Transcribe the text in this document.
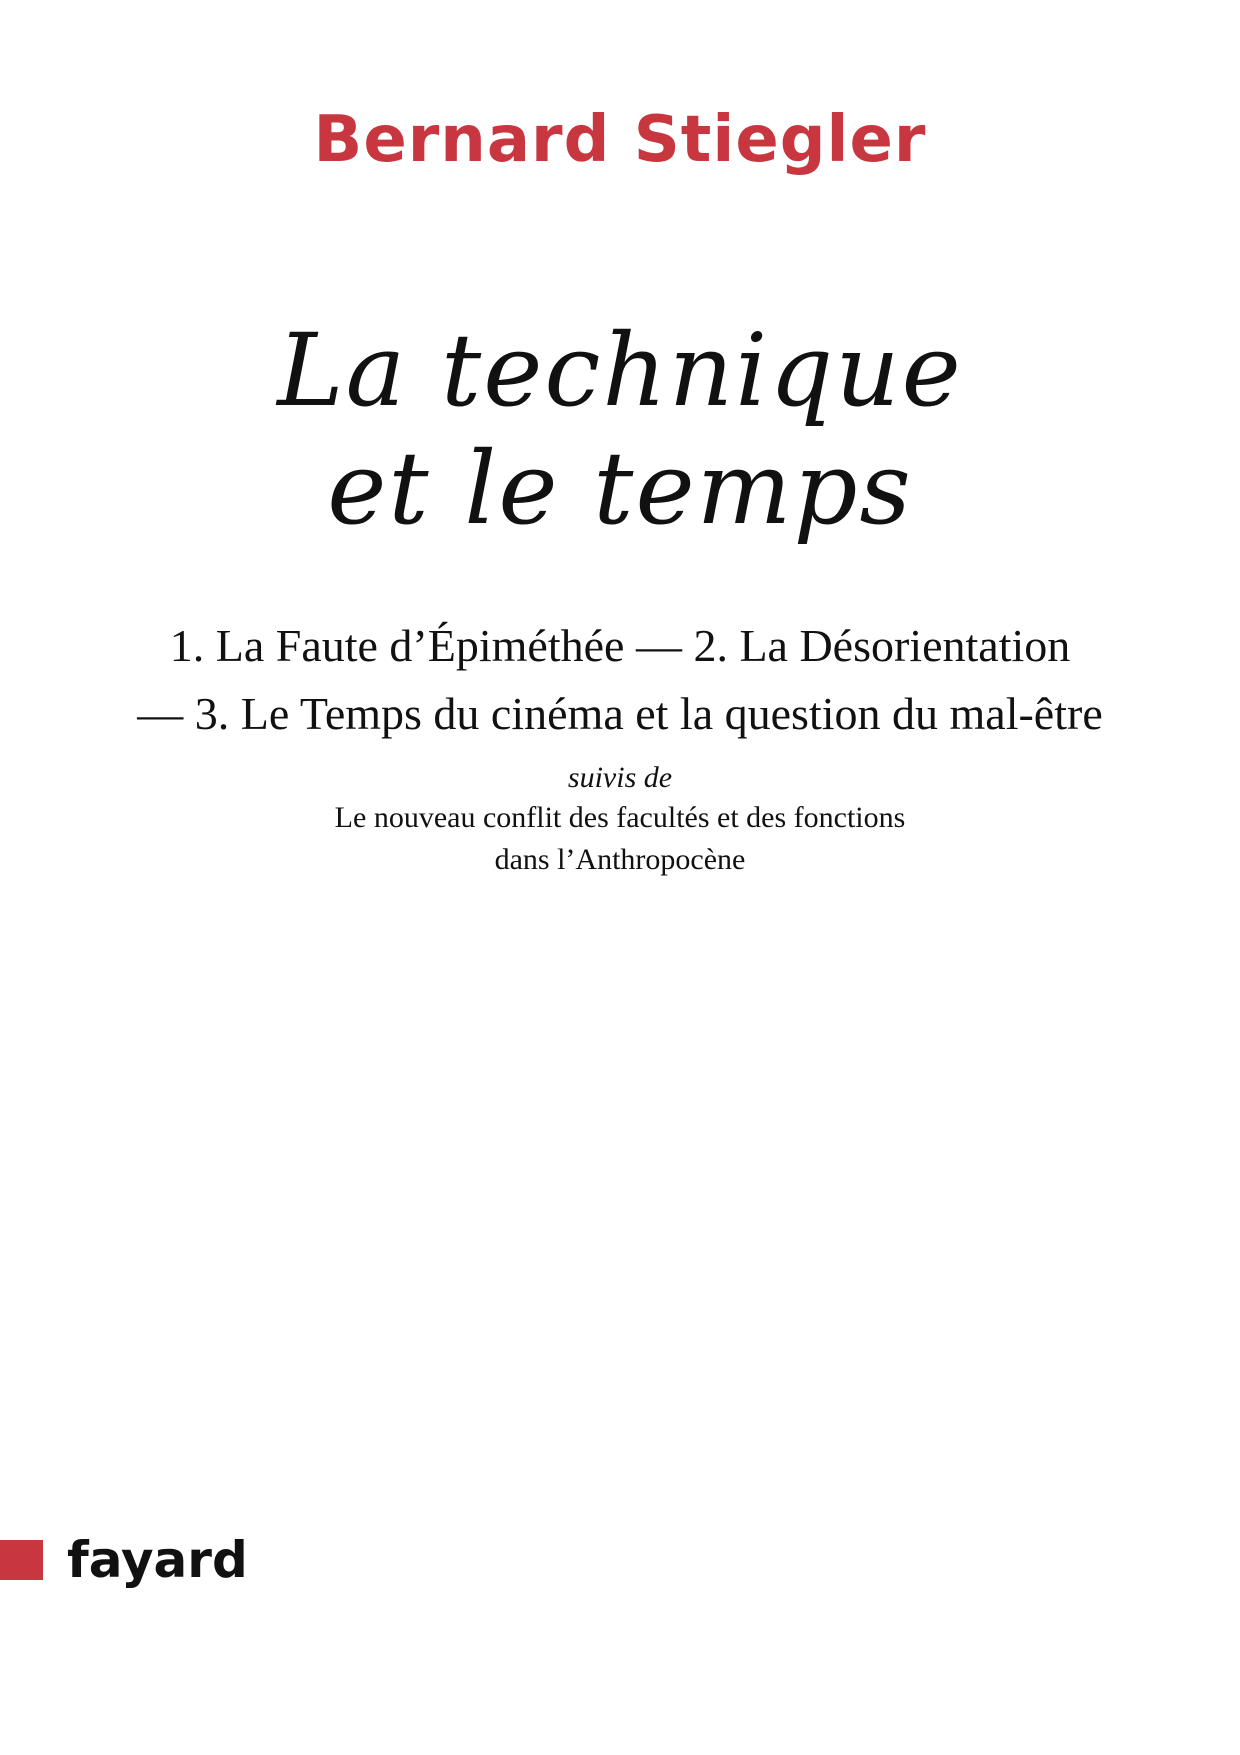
Bernard Stiegler
La technique
et le temps
1. La Faute d’Épiméthée — 2. La Désorientation
— 3. Le Temps du cinéma et la question du mal-être
suivis de
Le nouveau conflit des facultés et des fonctions
dans l’Anthropocène
fayard
